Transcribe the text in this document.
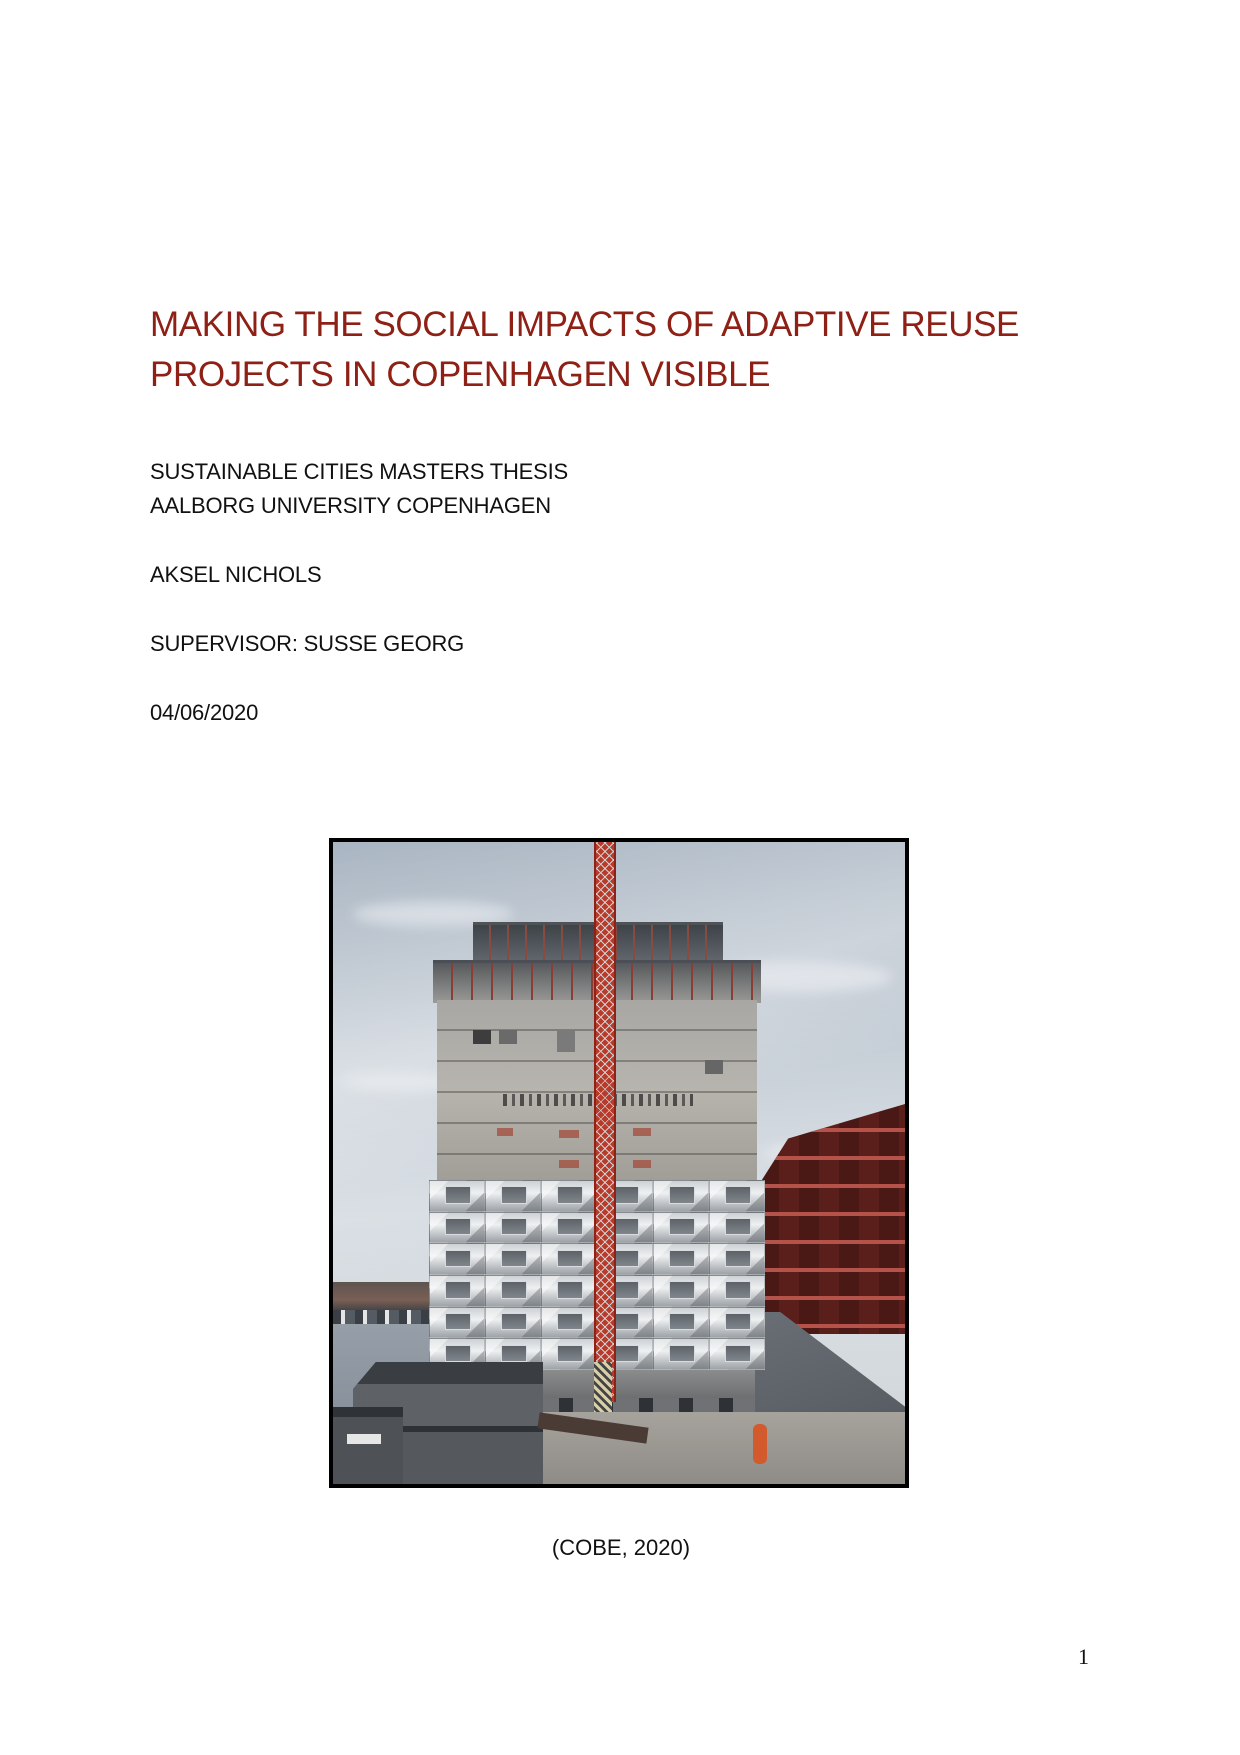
MAKING THE SOCIAL IMPACTS OF ADAPTIVE REUSE
PROJECTS IN COPENHAGEN VISIBLE
SUSTAINABLE CITIES MASTERS THESIS
AALBORG UNIVERSITY COPENHAGEN
AKSEL NICHOLS
SUPERVISOR: SUSSE GEORG
04/06/2020
(COBE, 2020)
1
